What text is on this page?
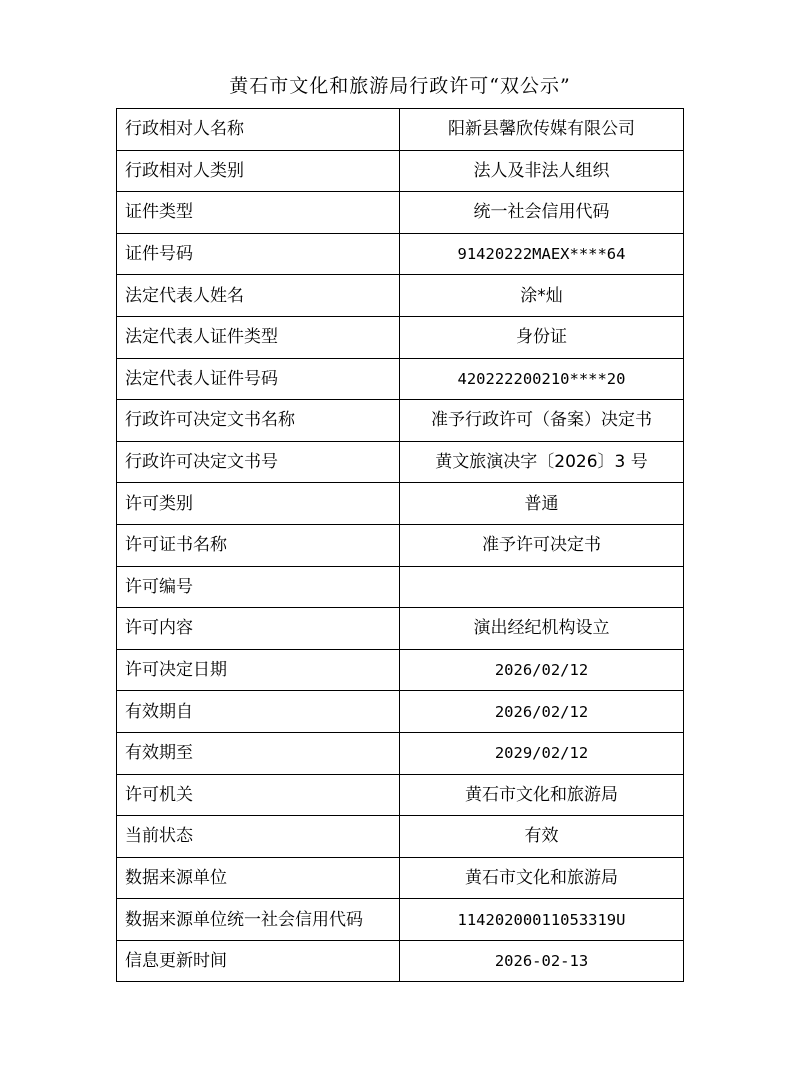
黄石市文化和旅游局行政许可“双公示”
行政相对人名称	阳新县馨欣传媒有限公司
行政相对人类别	法人及非法人组织
证件类型	统一社会信用代码
证件号码	91420222MAEX****64
法定代表人姓名	涂*灿
法定代表人证件类型	身份证
法定代表人证件号码	420222200210****20
行政许可决定文书名称	准予行政许可（备案）决定书
行政许可决定文书号	黄文旅演决字〔2026〕3 号
许可类别	普通
许可证书名称	准予许可决定书
许可编号	
许可内容	演出经纪机构设立
许可决定日期	2026/02/12
有效期自	2026/02/12
有效期至	2029/02/12
许可机关	黄石市文化和旅游局
当前状态	有效
数据来源单位	黄石市文化和旅游局
数据来源单位统一社会信用代码	11420200011053319U
信息更新时间	2026-02-13
